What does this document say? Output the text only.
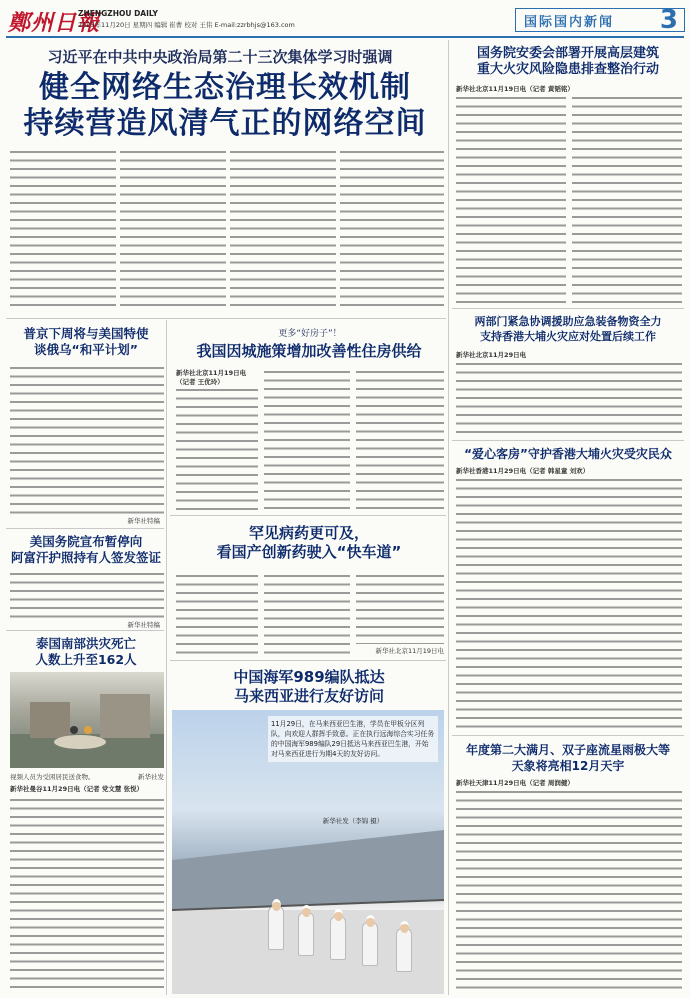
鄭州日報
ZHENGZHOU DAILY
2025年11月20日 星期四 编辑 崔曹 校对 王伟 E-mail:zzrbhjs@163.com	国际国内新闻 3
习近平在中共中央政治局第二十三次集体学习时强调
健全网络生态治理长效机制
持续营造风清气正的网络空间
国务院安委会部署开展高层建筑
重大火灾风险隐患排查整治行动
新华社北京11月19日电（记者 黄韬铭）
普京下周将与美国特使
谈俄乌“和平计划”
新华社特稿
更多“好房子”！
我国因城施策增加改善性住房供给
新华社北京11月19日电（记者 王优玲）
两部门紧急协调援助应急装备物资全力
支持香港大埔火灾应对处置后续工作
新华社北京11月29日电
美国务院宣布暂停向
阿富汗护照持有人签发签证
新华社特稿
罕见病药更可及，
看国产创新药驶入“快车道”
新华社北京11月19日电
“爱心客房”守护香港大埔火灾受灾民众
新华社香港11月29日电（记者 韩星童 刘欢）
泰国南部洪灾死亡
人数上升至162人
视频人员为受困居民送食物。	新华社发
新华社曼谷11月29日电（记者 党文慧 张悦）
中国海军989编队抵达
马来西亚进行友好访问
11月29日，在马来西亚巴生港，学员在甲板分区列队，向欢迎人群挥手致意。正在执行远海综合实习任务的中国海军989编队29日抵达马来西亚巴生港，开始对马来西亚进行为期4天的友好访问。
新华社发（李锦 摄）
年度第二大满月、双子座流星雨极大等
天象将亮相12月天宇
新华社天津11月29日电（记者 周润健）
